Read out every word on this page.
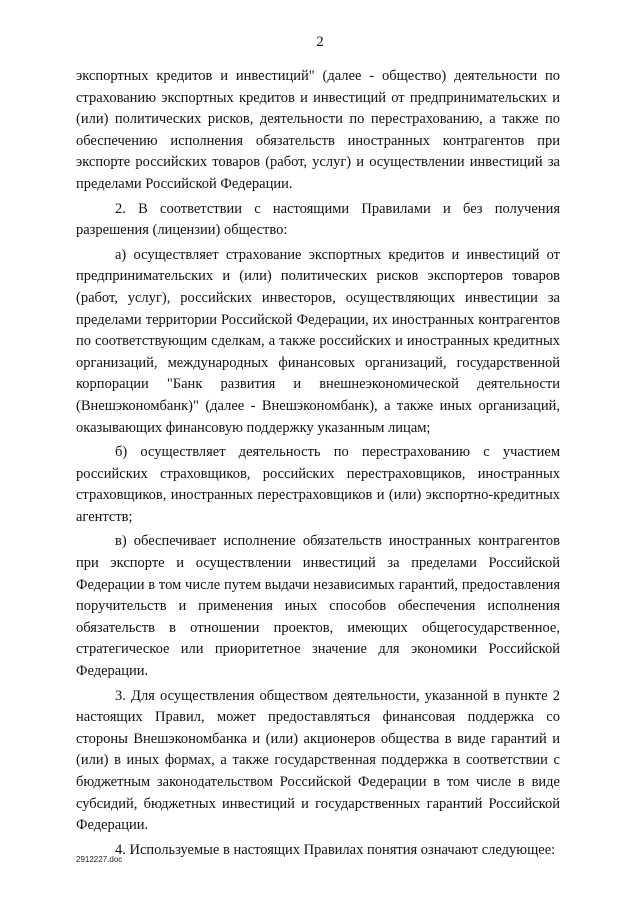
2

экспортных кредитов и инвестиций" (далее - общество) деятельности по страхованию экспортных кредитов и инвестиций от предпринимательских и (или) политических рисков, деятельности по перестрахованию, а также по обеспечению исполнения обязательств иностранных контрагентов при экспорте российских товаров (работ, услуг) и осуществлении инвестиций за пределами Российской Федерации.

2. В соответствии с настоящими Правилами и без получения разрешения (лицензии) общество:

а) осуществляет страхование экспортных кредитов и инвестиций от предпринимательских и (или) политических рисков экспортеров товаров (работ, услуг), российских инвесторов, осуществляющих инвестиции за пределами территории Российской Федерации, их иностранных контрагентов по соответствующим сделкам, а также российских и иностранных кредитных организаций, международных финансовых организаций, государственной корпорации "Банк развития и внешнеэкономической деятельности (Внешэкономбанк)" (далее - Внешэкономбанк), а также иных организаций, оказывающих финансовую поддержку указанным лицам;

б) осуществляет деятельность по перестрахованию с участием российских страховщиков, российских перестраховщиков, иностранных страховщиков, иностранных перестраховщиков и (или) экспортно-кредитных агентств;

в) обеспечивает исполнение обязательств иностранных контрагентов при экспорте и осуществлении инвестиций за пределами Российской Федерации в том числе путем выдачи независимых гарантий, предоставления поручительств и применения иных способов обеспечения исполнения обязательств в отношении проектов, имеющих общегосударственное, стратегическое или приоритетное значение для экономики Российской Федерации.

3. Для осуществления обществом деятельности, указанной в пункте 2 настоящих Правил, может предоставляться финансовая поддержка со стороны Внешэкономбанка и (или) акционеров общества в виде гарантий и (или) в иных формах, а также государственная поддержка в соответствии с бюджетным законодательством Российской Федерации в том числе в виде субсидий, бюджетных инвестиций и государственных гарантий Российской Федерации.

4. Используемые в настоящих Правилах понятия означают следующее:

2912227.doc
